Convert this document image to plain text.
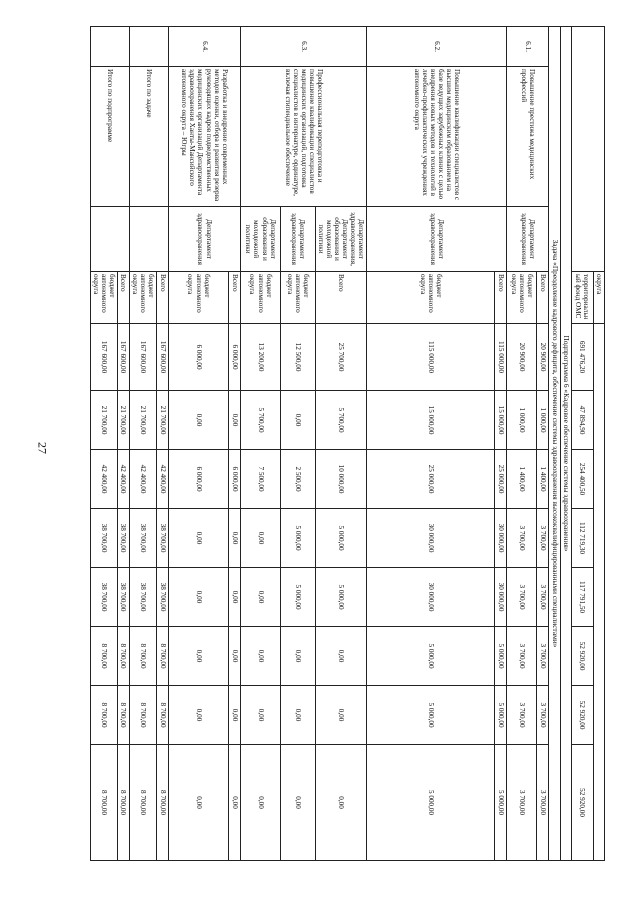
27
			округа								
			территориальный фонд ОМС	691 476,20	47 894,90	254 400,50	112 719,30	117 791,50	52 920,00	52 920,00	52 920,00
Подпрограмма 6 «Кадровое обеспечение системы здравоохранения»											
Задача «Преодоление кадрового дефицита, обеспечение системы здравоохранения высококвалифицированными специалистами»											
6.1.	Повышение престижа медицинских профессий	Департамент здравоохранения	Всего	20 900,00	1 000,00	1 400,00	3 700,00	3 700,00	3 700,00	3 700,00	3 700,00
			бюджет автономного округа	20 900,00	1 000,00	1 400,00	3 700,00	3 700,00	3 700,00	3 700,00	3 700,00
6.2.	Повышение квалификации специалистов с высшим медицинским образованием на базе ведущих зарубежных клиник с целью внедрения новых методов и технологий в лечебно-профилактических учреждениях автономного округа	Департамент здравоохранения	Всего	115 000,00	15 000,00	25 000,00	30 000,00	30 000,00	5 000,00	5 000,00	5 000,00
			бюджет автономного округа	115 000,00	15 000,00	25 000,00	30 000,00	30 000,00	5 000,00	5 000,00	5 000,00
6.3.	Профессиональная переподготовка и повышение квалификации специалистов медицинских организаций, подготовка специалистов в интернатуре, ординатуре, включая стипендиальное обеспечение	Департамент здравоохранения, Департамент образования и молодежной политики	Всего	25 700,00	5 700,00	10 000,00	5 000,00	5 000,00	0,00	0,00	0,00
		Департамент здравоохранения	бюджет автономного округа	12 500,00	0,00	2 500,00	5 000,00	5 000,00	0,00	0,00	0,00
		Департамент образования и молодежной политики	бюджет автономного округа	13 200,00	5 700,00	7 500,00	0,00	0,00	0,00	0,00	0,00
6.4.	Разработка и внедрение современных методов оценки, отбора и развития резерва руководящих кадров подведомственных медицинских организаций Департамента здравоохранения Ханты-Мансийского автономного округа – Югры	Департамент здравоохранения	Всего	6 000,00	0,00	6 000,00	0,00	0,00	0,00	0,00	0,00
			бюджет автономного округа	6 000,00	0,00	6 000,00	0,00	0,00	0,00	0,00	0,00
	Итого по задаче		Всего	167 600,00	21 700,00	42 400,00	38 700,00	38 700,00	8 700,00	8 700,00	8 700,00
			бюджет автономного округа	167 600,00	21 700,00	42 400,00	38 700,00	38 700,00	8 700,00	8 700,00	8 700,00
	Итого по подпрограмме		Всего	167 600,00	21 700,00	42 400,00	38 700,00	38 700,00	8 700,00	8 700,00	8 700,00
			бюджет автономного округа	167 600,00	21 700,00	42 400,00	38 700,00	38 700,00	8 700,00	8 700,00	8 700,00
